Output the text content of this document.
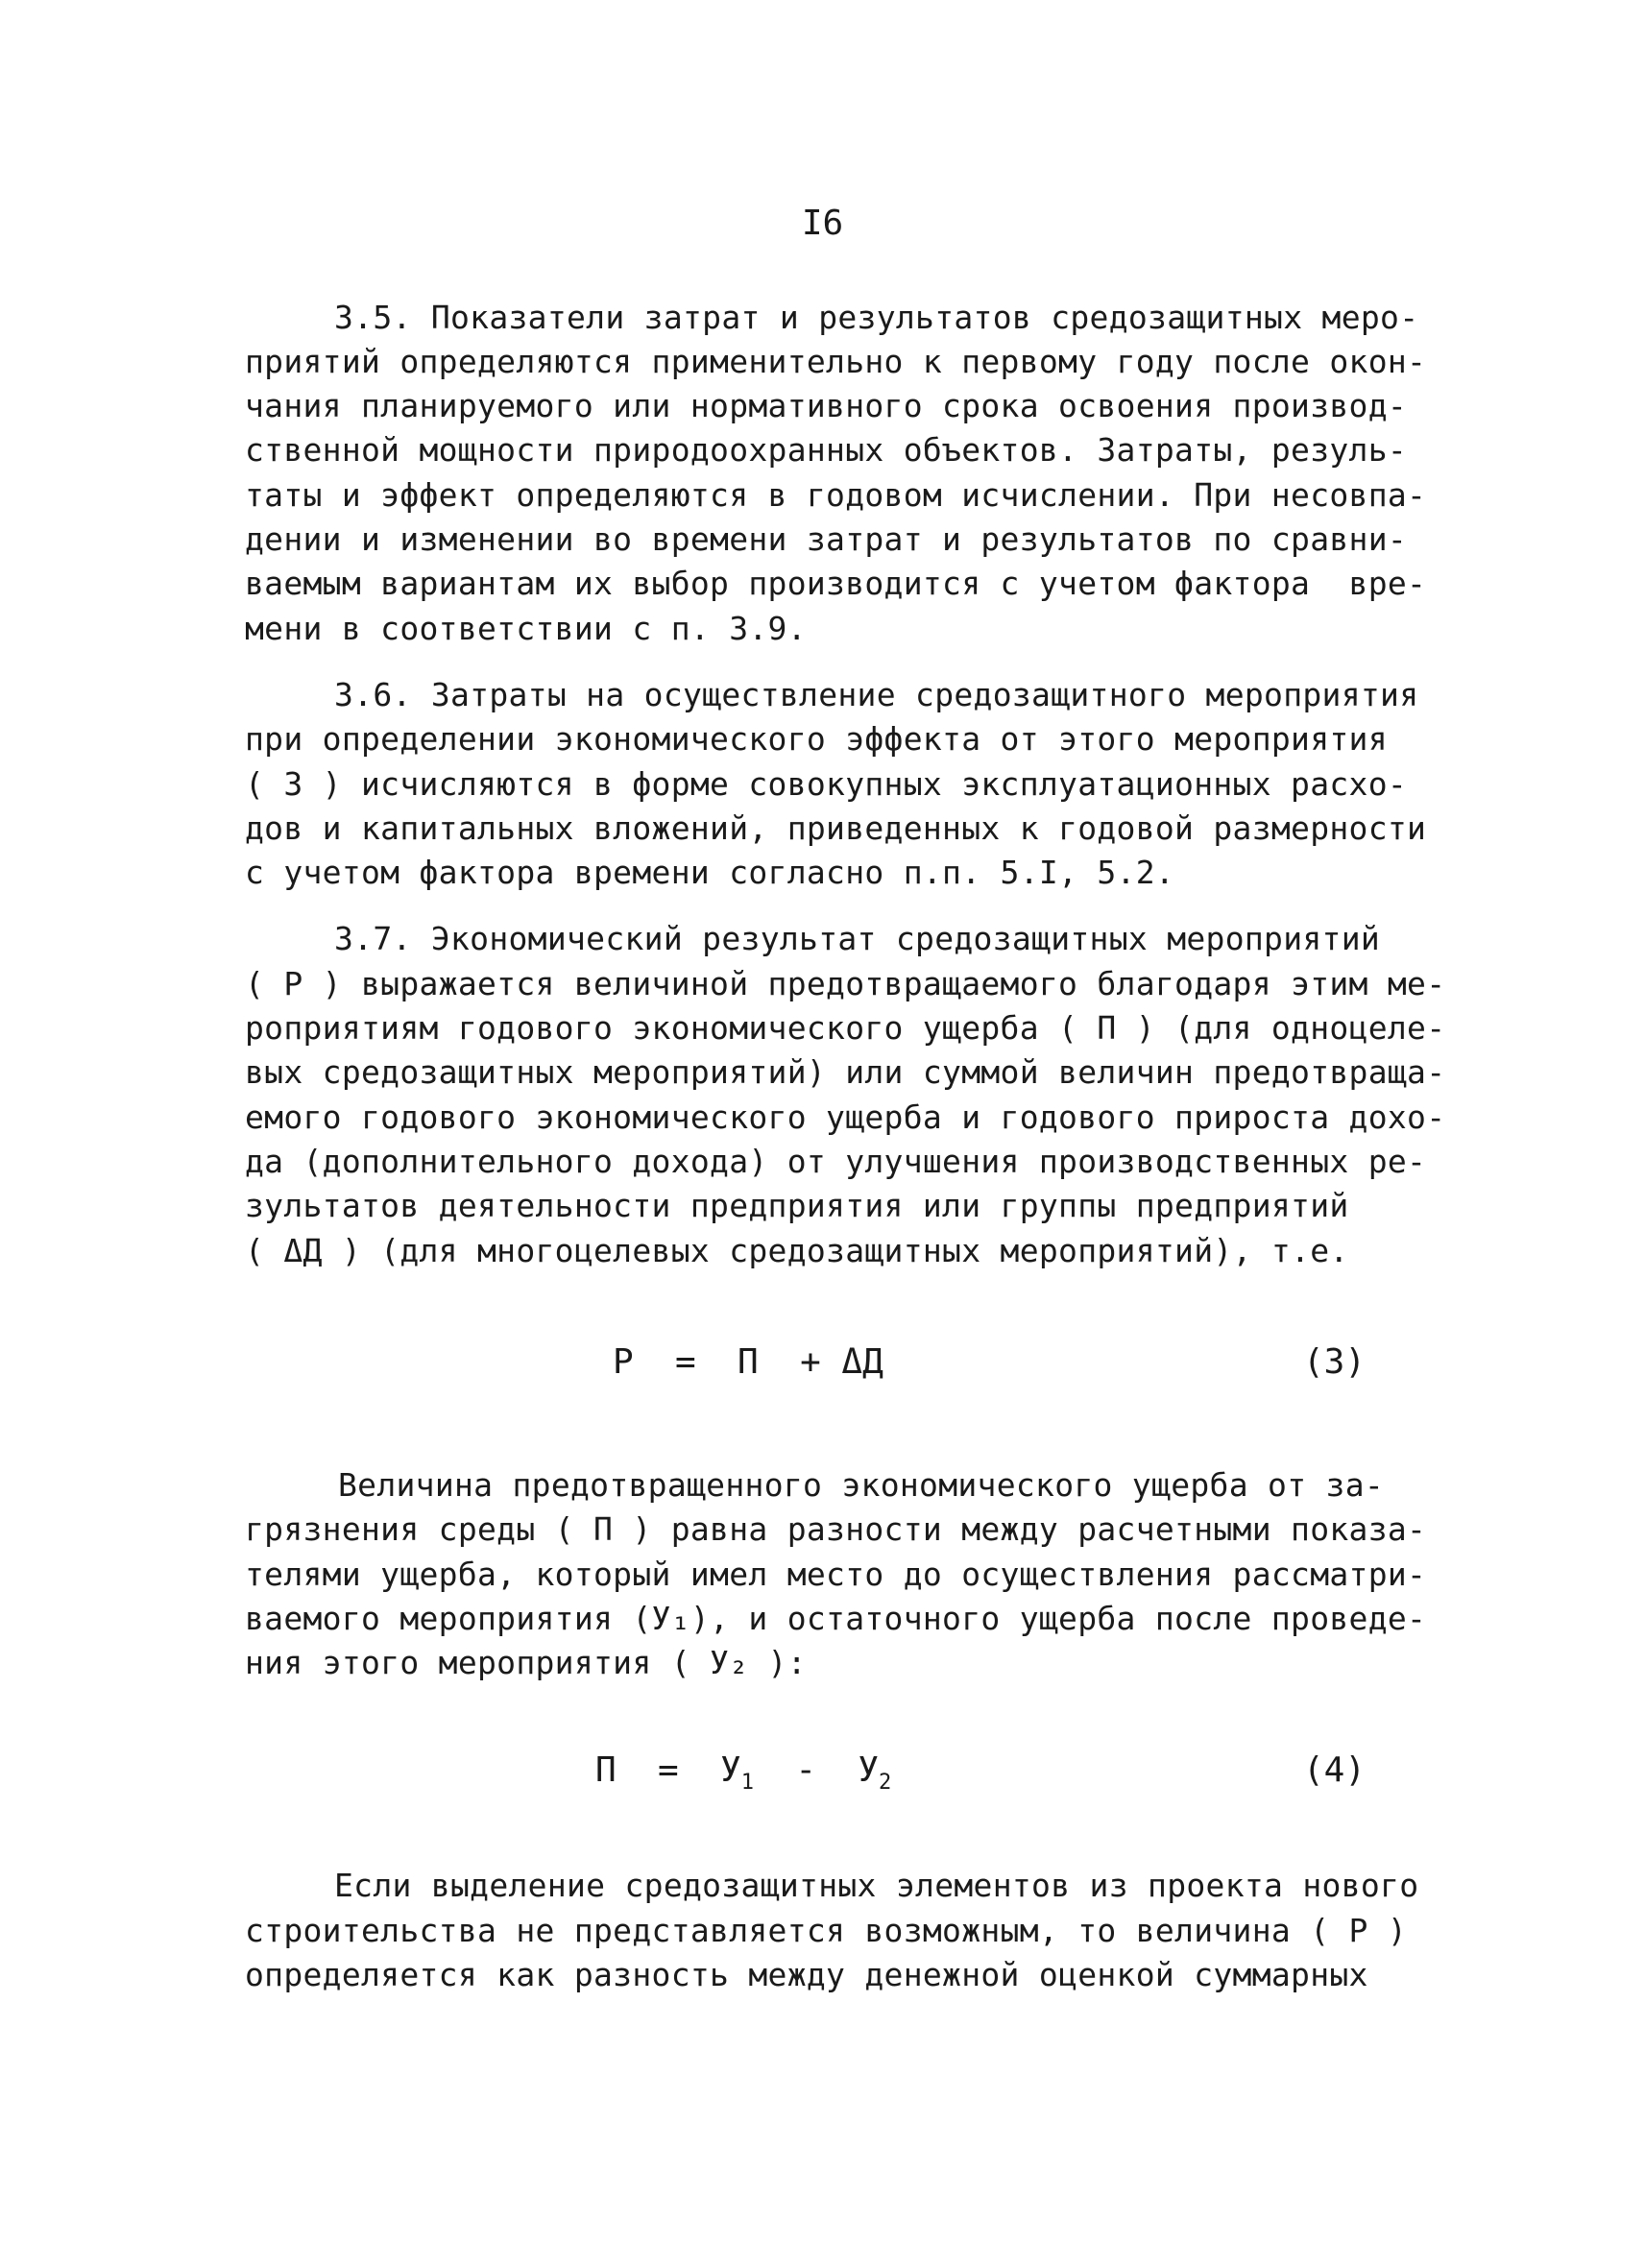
I6
3.5. Показатели затрат и результатов средозащитных меро-
приятий определяются применительно к первому году после окон-
чания планируемого или нормативного срока освоения производ-
ственной мощности природоохранных объектов. Затраты, резуль-
таты и эффект определяются в годовом исчислении. При несовпа-
дении и изменении во времени затрат и результатов по сравни-
ваемым вариантам их выбор производится с учетом фактора  вре-
мени в соответствии с п. 3.9.
3.6. Затраты на осуществление средозащитного мероприятия
при определении экономического эффекта от этого мероприятия
( З ) исчисляются в форме совокупных эксплуатационных расхо-
дов и капитальных вложений, приведенных к годовой размерности
с учетом фактора времени согласно п.п. 5.I, 5.2.
3.7. Экономический результат средозащитных мероприятий
( Р ) выражается величиной предотвращаемого благодаря этим ме-
роприятиям годового экономического ущерба ( П ) (для одноцеле-
вых средозащитных мероприятий) или суммой величин предотвраща-
емого годового экономического ущерба и годового прироста дохо-
да (дополнительного дохода) от улучшения производственных ре-
зультатов деятельности предприятия или группы предприятий
( ΔД ) (для многоцелевых средозащитных мероприятий), т.е.
Р  =  П  + ΔД	(3)
Величина предотвращенного экономического ущерба от за-
грязнения среды ( П ) равна разности между расчетными показа-
телями ущерба, который имел место до осуществления рассматри-
ваемого мероприятия (У₁), и остаточного ущерба после проведе-
ния этого мероприятия ( У₂ ):
$П = У_1 - У_2$	(4)
Если выделение средозащитных элементов из проекта нового
строительства не представляется возможным, то величина ( Р )
определяется как разность между денежной оценкой суммарных
